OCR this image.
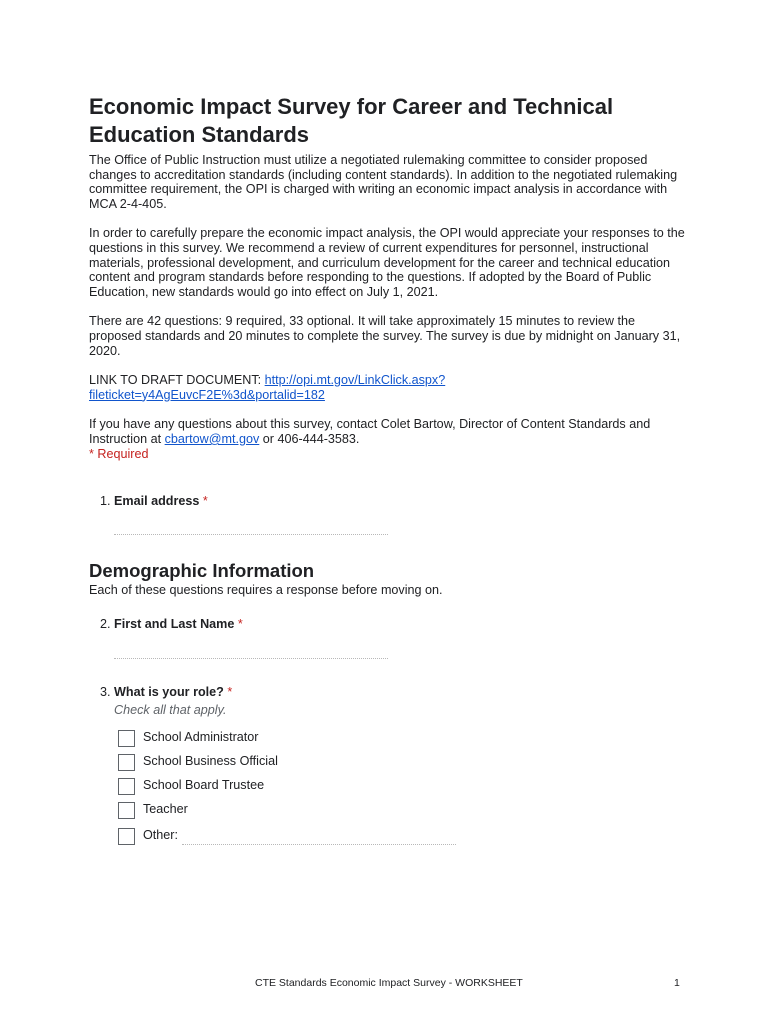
Economic Impact Survey for Career and Technical Education Standards

The Office of Public Instruction must utilize a negotiated rulemaking committee to consider proposed changes to accreditation standards (including content standards). In addition to the negotiated rulemaking committee requirement, the OPI is charged with writing an economic impact analysis in accordance with MCA 2-4-405.

In order to carefully prepare the economic impact analysis, the OPI would appreciate your responses to the questions in this survey. We recommend a review of current expenditures for personnel, instructional materials, professional development, and curriculum development for the career and technical education content and program standards before responding to the questions. If adopted by the Board of Public Education, new standards would go into effect on July 1, 2021.

There are 42 questions: 9 required, 33 optional. It will take approximately 15 minutes to review the proposed standards and 20 minutes to complete the survey. The survey is due by midnight on January 31, 2020.

LINK TO DRAFT DOCUMENT: http://opi.mt.gov/LinkClick.aspx?
fileticket=y4AgEuvcF2E%3d&portalid=182

If you have any questions about this survey, contact Colet Bartow, Director of Content Standards and Instruction at cbartow@mt.gov or 406-444-3583.

* Required
1. Email address *
Demographic Information
Each of these questions requires a response before moving on.
2. First and Last Name *
3. What is your role? *
Check all that apply.
School Administrator
School Business Official
School Board Trustee
Teacher
Other:
CTE Standards Economic Impact Survey - WORKSHEET	1
